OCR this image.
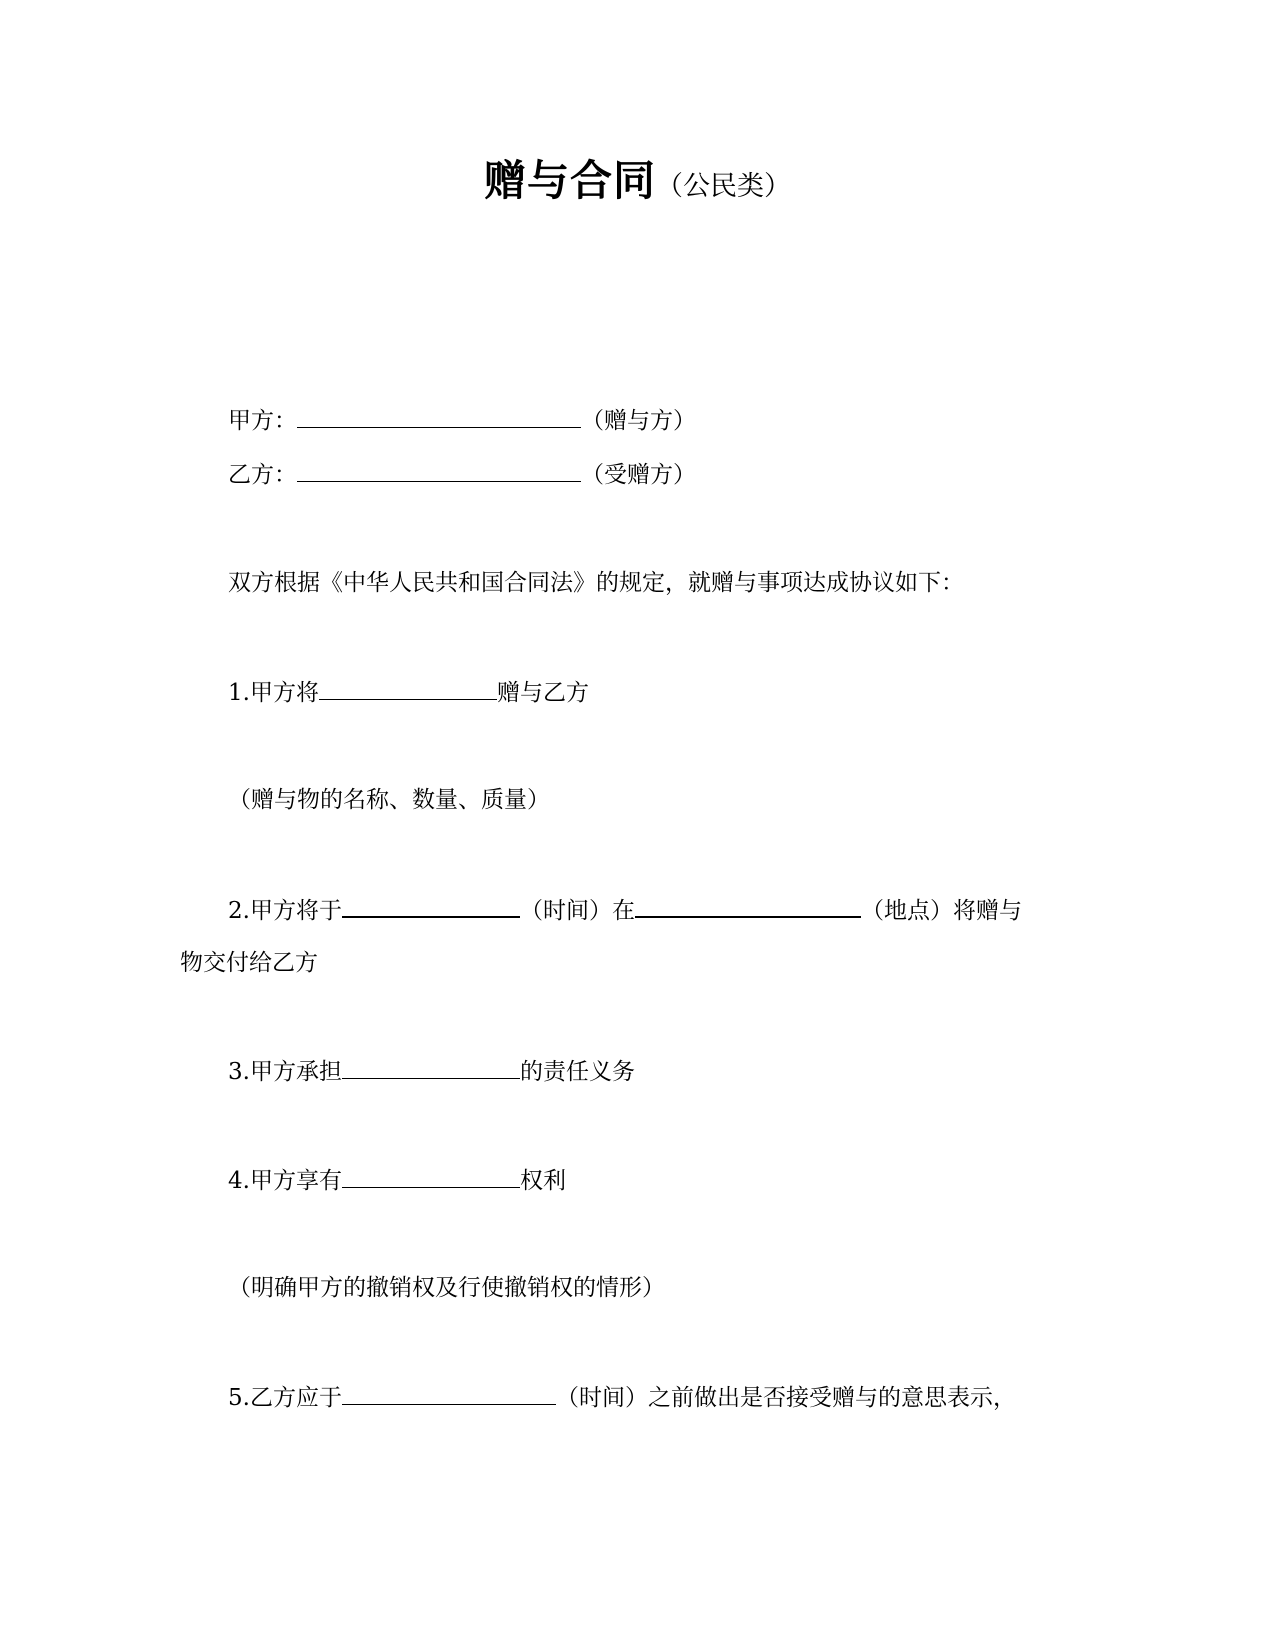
赠与合同（公民类）
甲方：	（赠与方）
乙方：	（受赠方）
双方根据《中华人民共和国合同法》的规定，就赠与事项达成协议如下：
1.甲方将	赠与乙方
（赠与物的名称、数量、质量）
2.甲方将于	（时间）在	（地点）将赠与
物交付给乙方
3.甲方承担	的责任义务
4.甲方享有	权利
（明确甲方的撤销权及行使撤销权的情形）
5.乙方应于	（时间）之前做出是否接受赠与的意思表示，
